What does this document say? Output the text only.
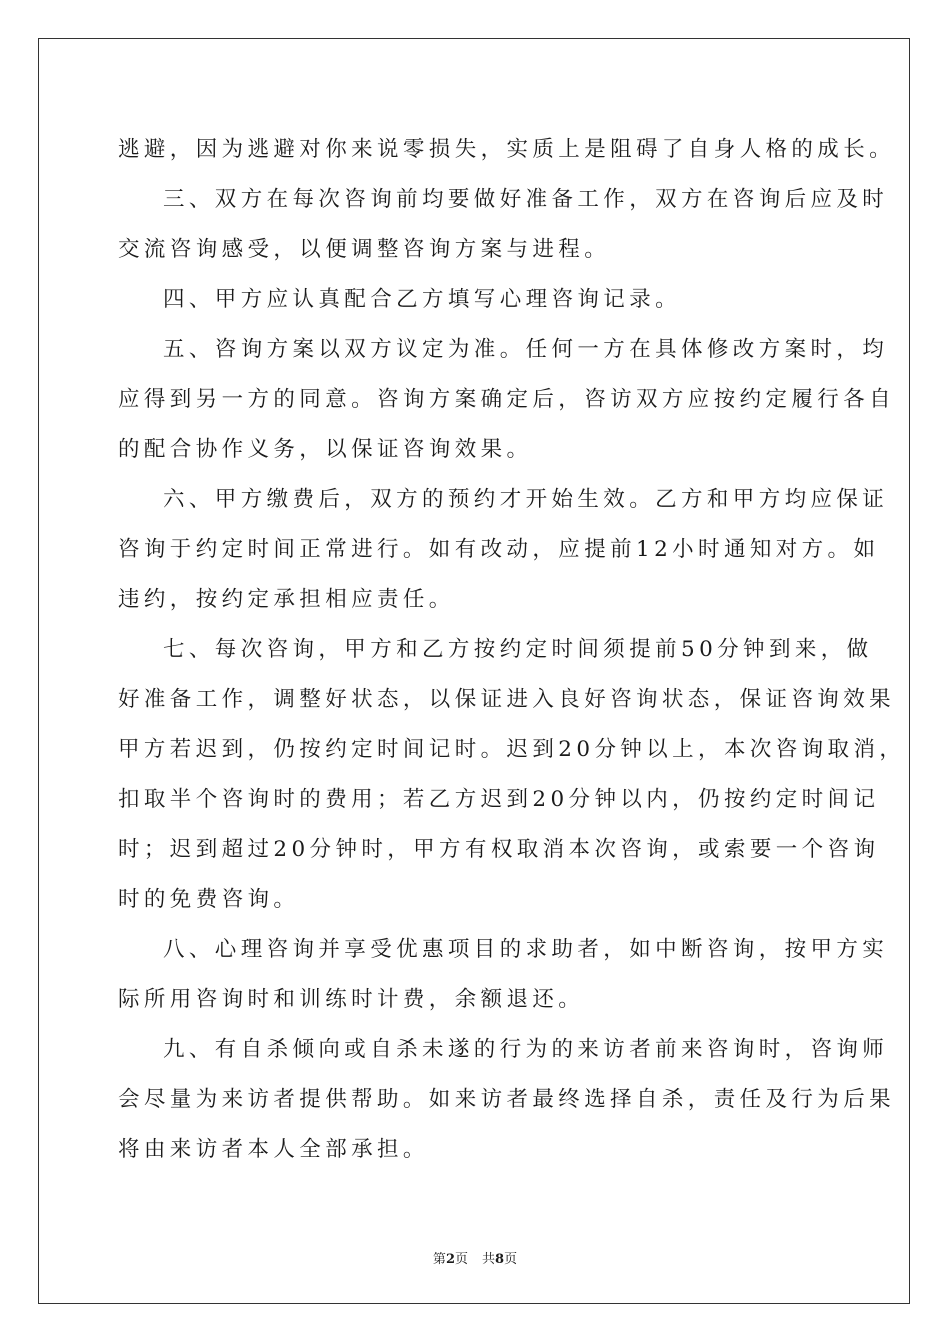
逃避，因为逃避对你来说零损失，实质上是阻碍了自身人格的成长。
三、双方在每次咨询前均要做好准备工作，双方在咨询后应及时
交流咨询感受，以便调整咨询方案与进程。
四、甲方应认真配合乙方填写心理咨询记录。
五、咨询方案以双方议定为准。任何一方在具体修改方案时，均
应得到另一方的同意。咨询方案确定后，咨访双方应按约定履行各自
的配合协作义务，以保证咨询效果。
六、甲方缴费后，双方的预约才开始生效。乙方和甲方均应保证
咨询于约定时间正常进行。如有改动，应提前12小时通知对方。如
违约，按约定承担相应责任。
七、每次咨询，甲方和乙方按约定时间须提前50分钟到来，做
好准备工作，调整好状态，以保证进入良好咨询状态，保证咨询效果
甲方若迟到，仍按约定时间记时。迟到20分钟以上，本次咨询取消，
扣取半个咨询时的费用；若乙方迟到20分钟以内，仍按约定时间记
时；迟到超过20分钟时，甲方有权取消本次咨询，或索要一个咨询
时的免费咨询。
八、心理咨询并享受优惠项目的求助者，如中断咨询，按甲方实
际所用咨询时和训练时计费，余额退还。
九、有自杀倾向或自杀未遂的行为的来访者前来咨询时，咨询师
会尽量为来访者提供帮助。如来访者最终选择自杀，责任及行为后果
将由来访者本人全部承担。
第2页 共8页
